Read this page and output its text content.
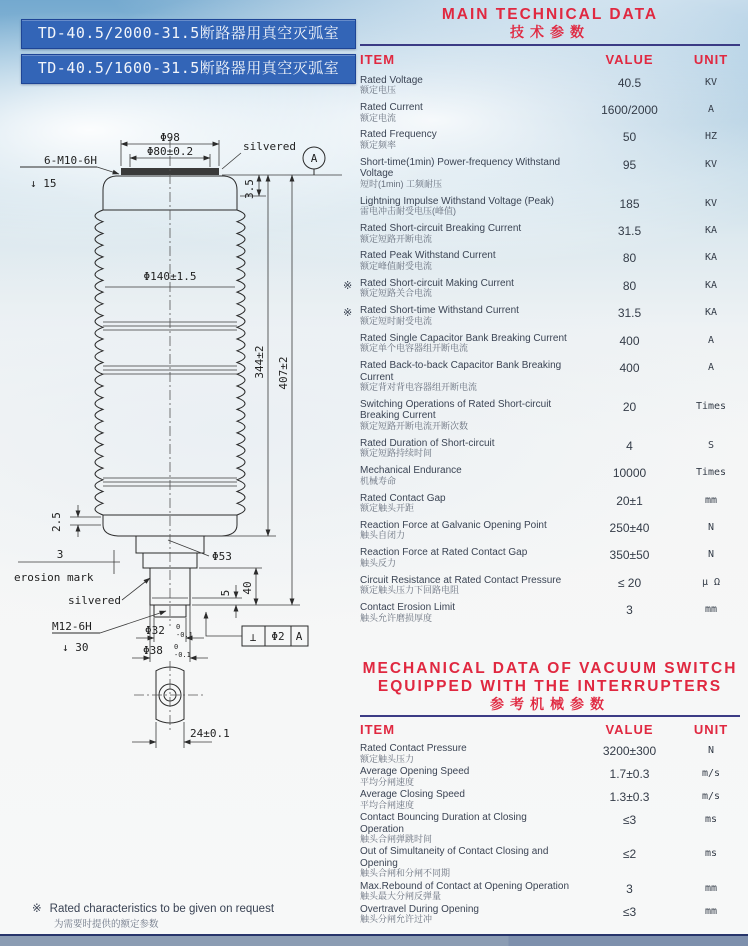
TD-40.5/2000-31.5断路器用真空灭弧室
TD-40.5/1600-31.5断路器用真空灭弧室
Φ98
Φ80±0.2	silvered
6-M10-6H
↓ 15
A
3.5
Φ140±1.5
344±2 407±2
2.5
3
erosion mark
silvered
M12-6H
↓ 30
Φ53
5 40
Φ32 0
-0.1
Φ38 0
-0.1
⊥ Φ2 A
24±0.1
MAIN TECHNICAL DATA
技术参数
ITEM	VALUE	UNIT
Rated Voltage
额定电压
40.5	KV
Rated Current
额定电流
1600/2000	A
Rated Frequency
额定频率
50	HZ
Short-time(1min) Power-frequency Withstand Voltage
短时(1min) 工频耐压
95	KV
Lightning Impulse Withstand Voltage (Peak)
雷电冲击耐受电压(峰值)
185	KV
Rated Short-circuit Breaking Current
额定短路开断电流
31.5	KA
Rated Peak Withstand Current
额定峰值耐受电流
80	KA
※ Rated Short-circuit Making Current
额定短路关合电流
80	KA
※ Rated Short-time Withstand Current
额定短时耐受电流
31.5	KA
Rated Single Capacitor Bank Breaking Current
额定单个电容器组开断电流
400	A
Rated Back-to-back Capacitor Bank Breaking Current
额定背对背电容器组开断电流
400	A
Switching Operations of Rated Short-circuit Breaking Current
额定短路开断电流开断次数
20	Times
Rated Duration of Short-circuit
额定短路持续时间
4	S
Mechanical Endurance
机械寿命
10000	Times
Rated Contact Gap
额定触头开距
20±1	mm
Reaction Force at Galvanic Opening Point
触头自闭力
250±40	N
Reaction Force at Rated Contact Gap
触头反力
350±50	N
Circuit Resistance at Rated Contact Pressure
额定触头压力下回路电阻
≤ 20	μ Ω
Contact Erosion Limit
触头允许磨损厚度
3	mm
MECHANICAL DATA OF VACUUM SWITCH
EQUIPPED WITH THE INTERRUPTERS
参考机械参数
ITEM	VALUE	UNIT
Rated Contact Pressure
额定触头压力
3200±300	N
Average Opening Speed
平均分闸速度
1.7±0.3	m/s
Average Closing Speed
平均合闸速度
1.3±0.3	m/s
Contact Bouncing Duration at Closing Operation
触头合闸弹跳时间
≤3	ms
Out of Simultaneity of Contact Closing and Opening
触头合闸和分闸不同期
≤2	ms
Max.Rebound of Contact at Opening Operation
触头最大分闸反弹量
3	mm
Overtravel During Opening
触头分闸允许过冲
≤3	mm
※ Rated characteristics to be given on request
为需要时提供的额定参数
